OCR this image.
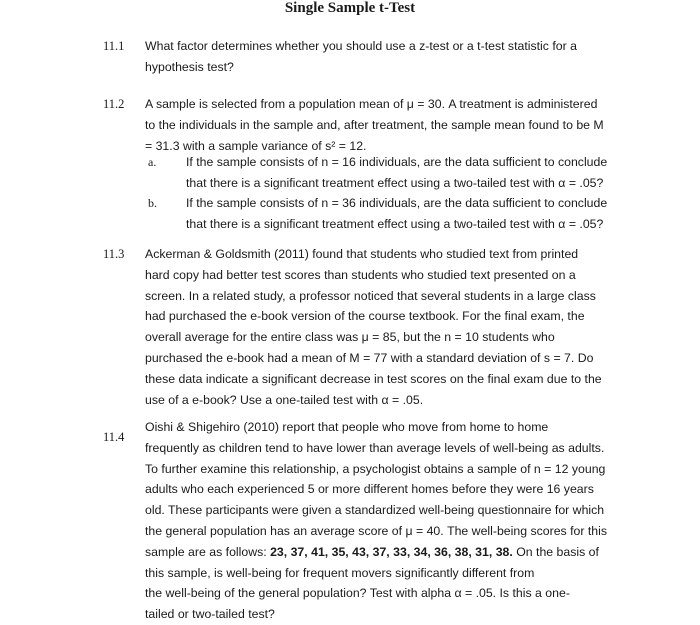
Single Sample t-Test
11.1 What factor determines whether you should use a z-test or a t-test statistic for a
hypothesis test?
11.2 A sample is selected from a population mean of μ = 30. A treatment is administered
to the individuals in the sample and, after treatment, the sample mean found to be M
= 31.3 with a sample variance of s² = 12.
a. If the sample consists of n = 16 individuals, are the data sufficient to conclude
that there is a significant treatment effect using a two-tailed test with α = .05?
b. If the sample consists of n = 36 individuals, are the data sufficient to conclude
that there is a significant treatment effect using a two-tailed test with α = .05?
11.3 Ackerman & Goldsmith (2011) found that students who studied text from printed
hard copy had better test scores than students who studied text presented on a
screen. In a related study, a professor noticed that several students in a large class
had purchased the e-book version of the course textbook. For the final exam, the
overall average for the entire class was μ = 85, but the n = 10 students who
purchased the e-book had a mean of M = 77 with a standard deviation of s = 7. Do
these data indicate a significant decrease in test scores on the final exam due to the
use of a e-book? Use a one-tailed test with α = .05.
11.4
Oishi & Shigehiro (2010) report that people who move from home to home
frequently as children tend to have lower than average levels of well-being as adults.
To further examine this relationship, a psychologist obtains a sample of n = 12 young
adults who each experienced 5 or more different homes before they were 16 years
old. These participants were given a standardized well-being questionnaire for which
the general population has an average score of μ = 40. The well-being scores for this
sample are as follows: 23, 37, 41, 35, 43, 37, 33, 34, 36, 38, 31, 38. On the basis of
this sample, is well-being for frequent movers significantly different from
the well-being of the general population? Test with alpha α = .05. Is this a one-
tailed or two-tailed test?
